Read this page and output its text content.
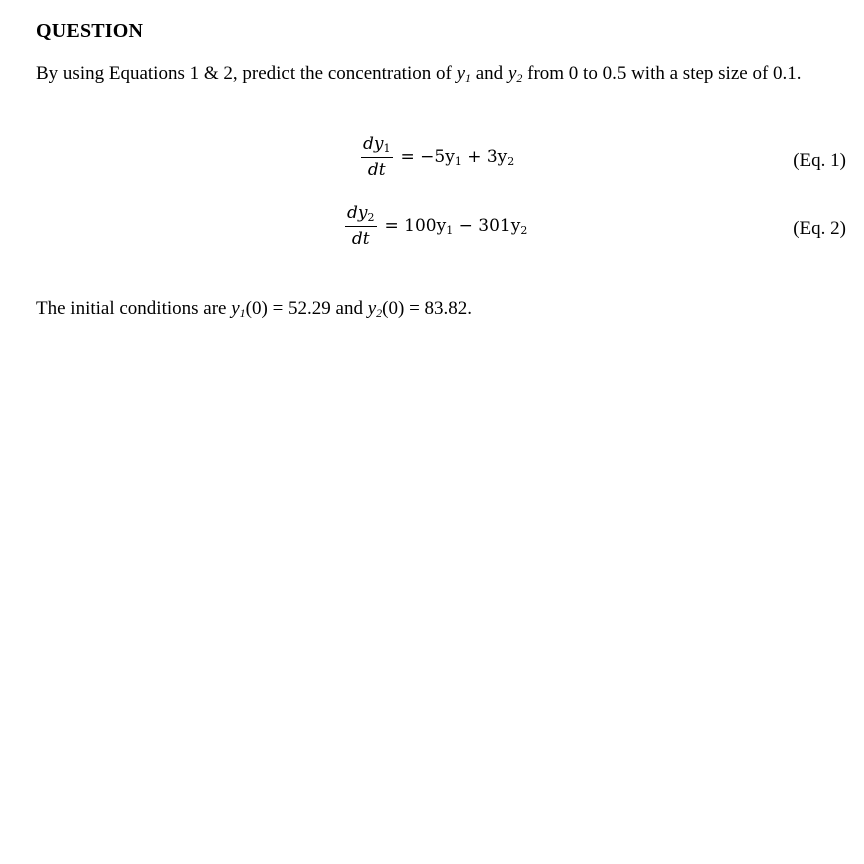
QUESTION
By using Equations 1 & 2, predict the concentration of $y_1$ and $y_2$ from 0 to 0.5 with a step size of 0.1.
$\frac{dy_1}{dt} = -5y_1 + 3y_2$	(Eq. 1)
$\frac{dy_2}{dt} = 100y_1 - 301y_2$	(Eq. 2)
The initial conditions are $y_1(0) = 52.29$ and $y_2(0) = 83.82$.
